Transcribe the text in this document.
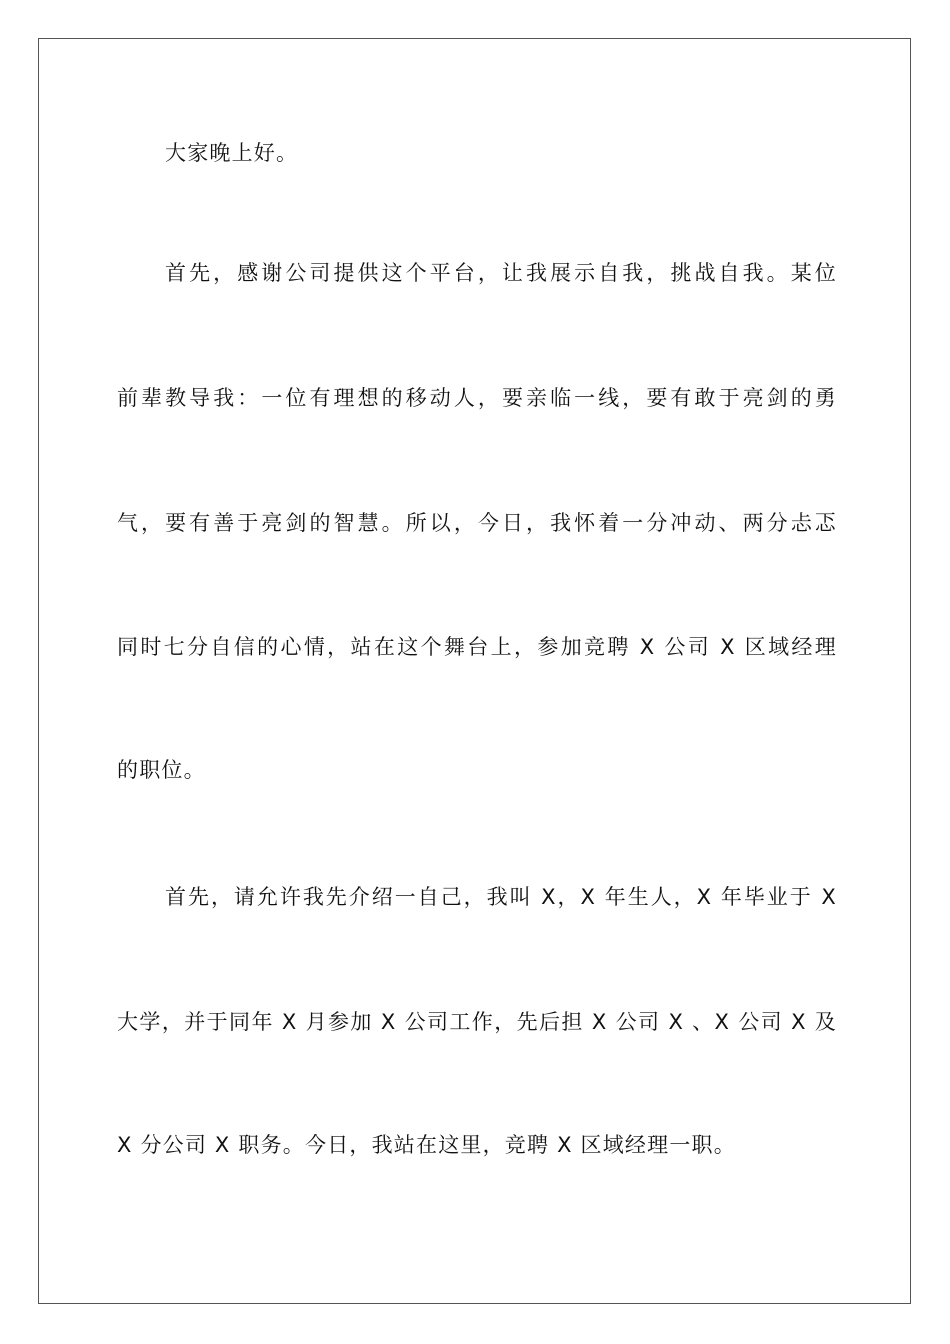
大家晚上好。
首先，感谢公司提供这个平台，让我展示自我，挑战自我。某位
前辈教导我：一位有理想的移动人，要亲临一线，要有敢于亮剑的勇
气，要有善于亮剑的智慧。所以，今日，我怀着一分冲动、两分忐忑
同时七分自信的心情，站在这个舞台上，参加竞聘 X 公司 X 区域经理
的职位。
首先，请允许我先介绍一自己，我叫 X，X 年生人，X 年毕业于 X
大学，并于同年 X 月参加 X 公司工作，先后担 X 公司 X 、X 公司 X 及
X 分公司 X 职务。今日，我站在这里，竞聘 X 区域经理一职。
